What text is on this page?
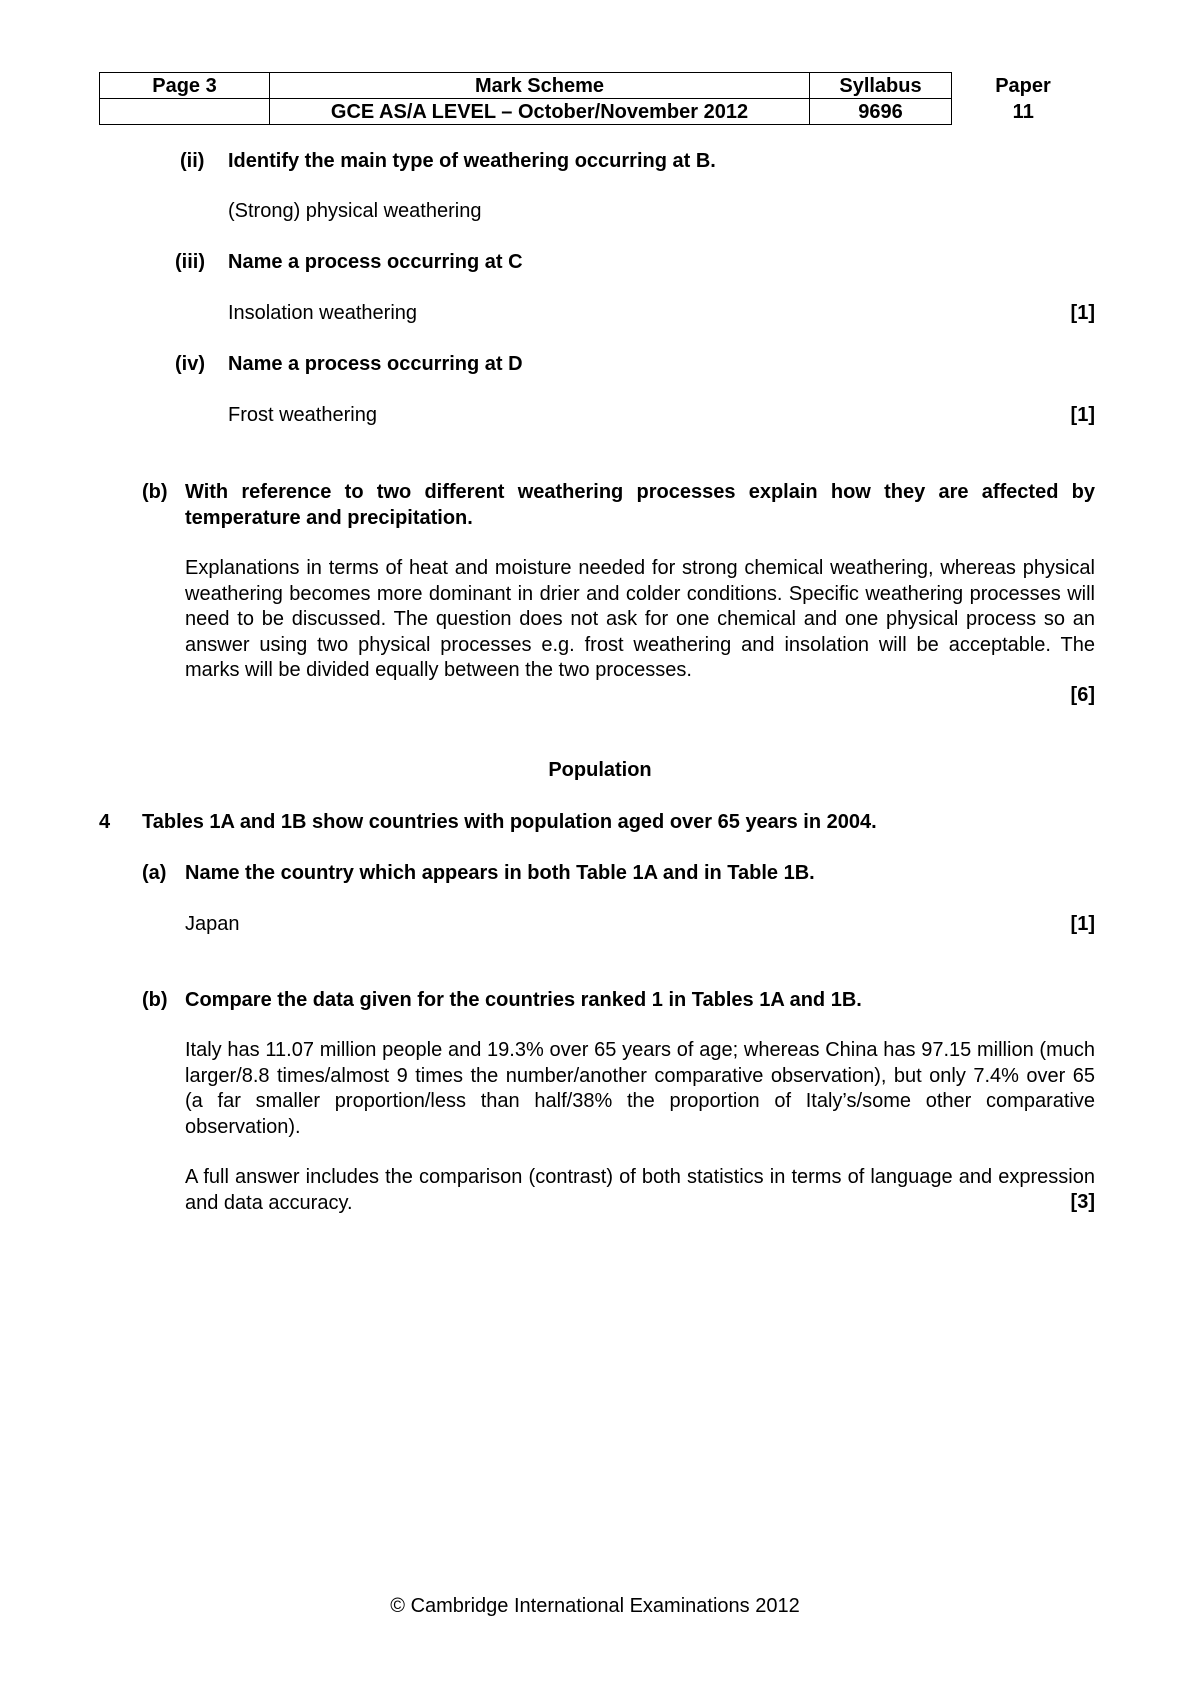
Page 3	Mark Scheme	Syllabus	Paper
	GCE AS/A LEVEL – October/November 2012	9696	11
(ii) Identify the main type of weathering occurring at B.
(Strong) physical weathering
(iii) Name a process occurring at C
Insolation weathering	[1]
(iv) Name a process occurring at D
Frost weathering	[1]
(b) With reference to two different weathering processes explain how they are affected by temperature and precipitation.
Explanations in terms of heat and moisture needed for strong chemical weathering, whereas physical weathering becomes more dominant in drier and colder conditions. Specific weathering processes will need to be discussed. The question does not ask for one chemical and one physical process so an answer using two physical processes e.g. frost weathering and insolation will be acceptable. The marks will be divided equally between the two processes.
[6]
Population
4 Tables 1A and 1B show countries with population aged over 65 years in 2004.
(a) Name the country which appears in both Table 1A and in Table 1B.
Japan	[1]
(b) Compare the data given for the countries ranked 1 in Tables 1A and 1B.
Italy has 11.07 million people and 19.3% over 65 years of age; whereas China has 97.15 million (much larger/8.8 times/almost 9 times the number/another comparative observation), but only 7.4% over 65 (a far smaller proportion/less than half/38% the proportion of Italy’s/some other comparative observation).
A full answer includes the comparison (contrast) of both statistics in terms of language and expression and data accuracy.	[3]
© Cambridge International Examinations 2012
